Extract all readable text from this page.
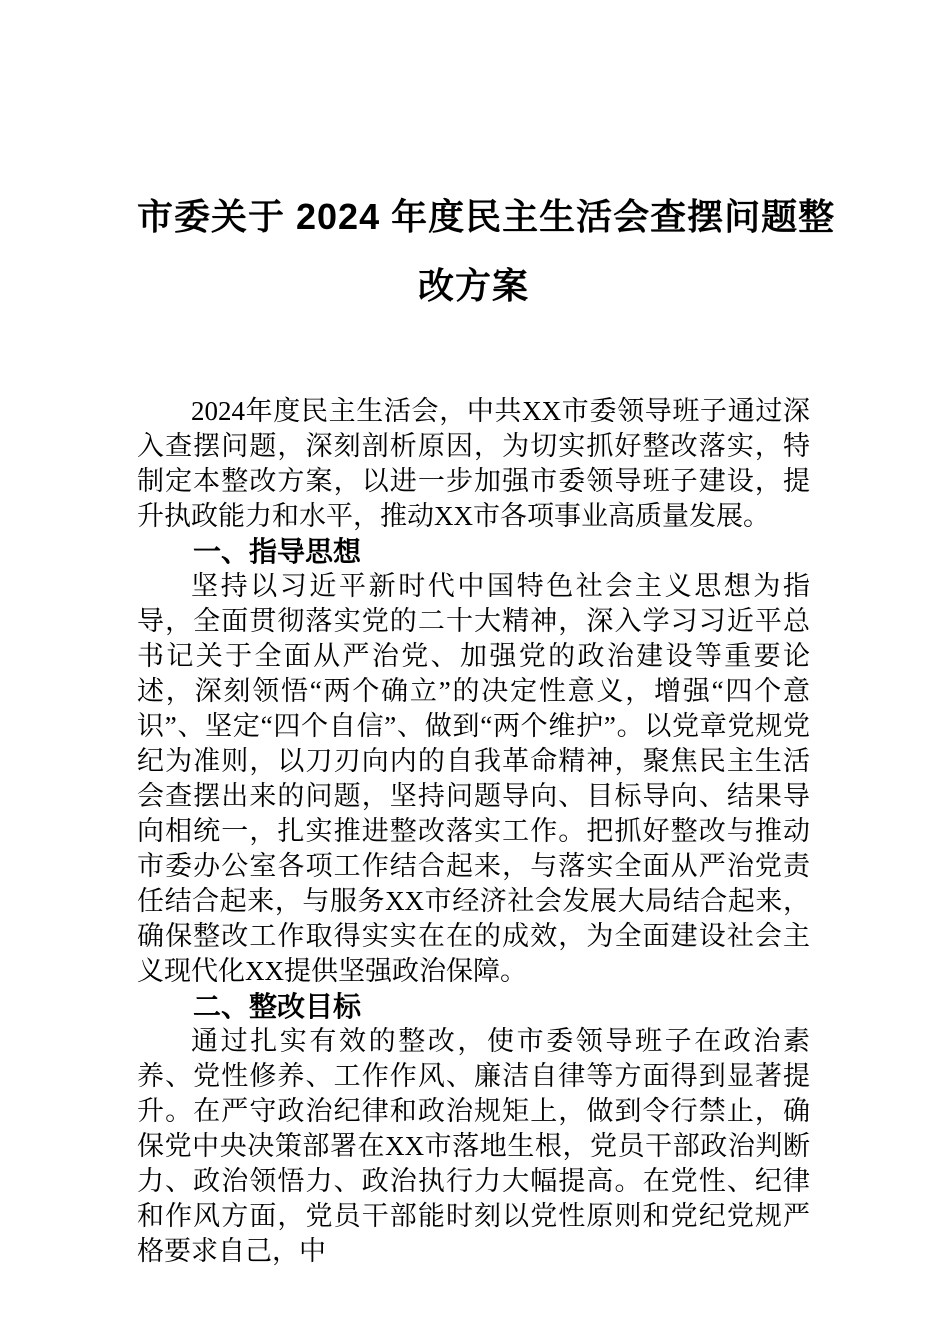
市委关于 2024 年度民主生活会查摆问题整
改方案

2024年度民主生活会，中共XX市委领导班子通过深入查摆问题，深刻剖析原因，为切实抓好整改落实，特制定本整改方案，以进一步加强市委领导班子建设，提升执政能力和水平，推动XX市各项事业高质量发展。

一、指导思想

坚持以习近平新时代中国特色社会主义思想为指导，全面贯彻落实党的二十大精神，深入学习习近平总书记关于全面从严治党、加强党的政治建设等重要论述，深刻领悟“两个确立”的决定性意义，增强“四个意识”、坚定“四个自信”、做到“两个维护”。以党章党规党纪为准则，以刀刃向内的自我革命精神，聚焦民主生活会查摆出来的问题，坚持问题导向、目标导向、结果导向相统一，扎实推进整改落实工作。把抓好整改与推动市委办公室各项工作结合起来，与落实全面从严治党责任结合起来，与服务XX市经济社会发展大局结合起来，确保整改工作取得实实在在的成效，为全面建设社会主义现代化XX提供坚强政治保障。

二、整改目标

通过扎实有效的整改，使市委领导班子在政治素养、党性修养、工作作风、廉洁自律等方面得到显著提升。在严守政治纪律和政治规矩上，做到令行禁止，确保党中央决策部署在XX市落地生根，党员干部政治判断力、政治领悟力、政治执行力大幅提高。在党性、纪律和作风方面，党员干部能时刻以党性原则和党纪党规严格要求自己，中
